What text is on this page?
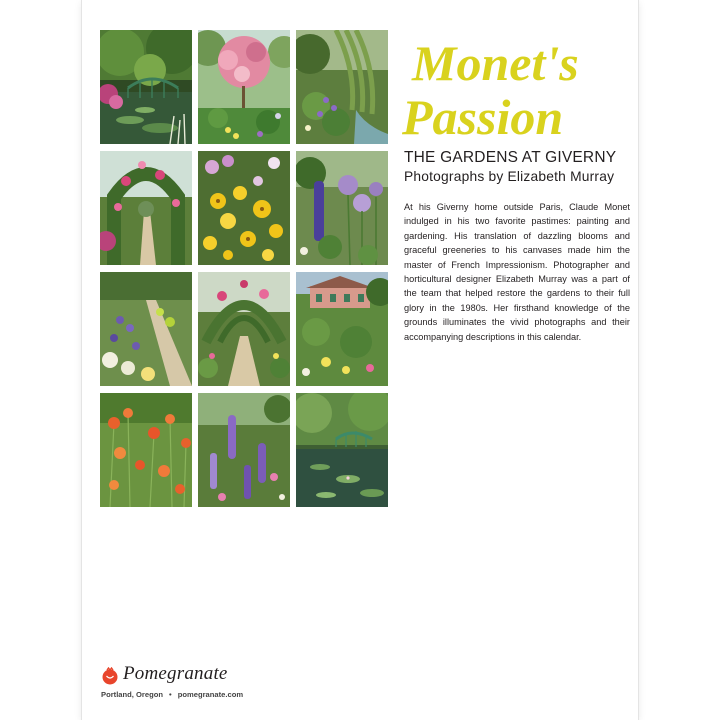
Monet's
Passion
THE GARDENS AT GIVERNY
Photographs by Elizabeth Murray

At his Giverny home outside Paris, Claude Monet indulged in his two favorite pastimes: painting and gardening. His translation of dazzling blooms and graceful greeneries to his canvases made him the master of French Impressionism. Photographer and horticultural designer Elizabeth Murray was a part of the team that helped restore the gardens to their full glory in the 1980s. Her firsthand knowledge of the grounds illuminates the vivid photographs and their accompanying descriptions in this calendar.

Pomegranate
Portland, Oregon • pomegranate.com
